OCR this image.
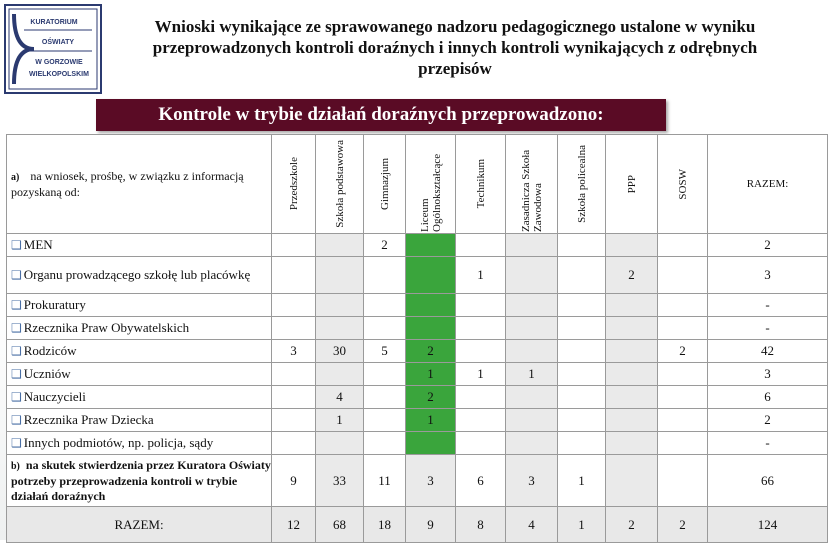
KURATORIUM
OŚWIATY
W GORZOWIE
WIELKOPOLSKIM
Wnioski wynikające ze sprawowanego nadzoru pedagogicznego ustalone w wyniku przeprowadzonych kontroli doraźnych i innych kontroli wynikających z odrębnych przepisów
Kontrole w trybie działań doraźnych przeprowadzono:
a) na wniosek, prośbę, w związku z informacją pozyskaną od:	Przedszkole	Szkoła podstawowa	Gimnazjum	Liceum Ogólnokształcące	Technikum	Zasadnicza Szkoła Zawodowa	Szkoła policealna	PPP	SOSW	RAZEM:
❑ MEN			2							2
❑ Organu prowadzącego szkołę lub placówkę					1			2		3
❑ Prokuratury										-
❑ Rzecznika Praw Obywatelskich										-
❑ Rodziców	3	30	5	2					2	42
❑ Uczniów				1	1	1				3
❑ Nauczycieli		4		2						6
❑ Rzecznika Praw Dziecka		1		1						2
❑ Innych podmiotów, np. policja, sądy										-
b) na skutek stwierdzenia przez Kuratora Oświaty potrzeby przeprowadzenia kontroli w trybie działań doraźnych	9	33	11	3	6	3	1			66
RAZEM:	12	68	18	9	8	4	1	2	2	124
